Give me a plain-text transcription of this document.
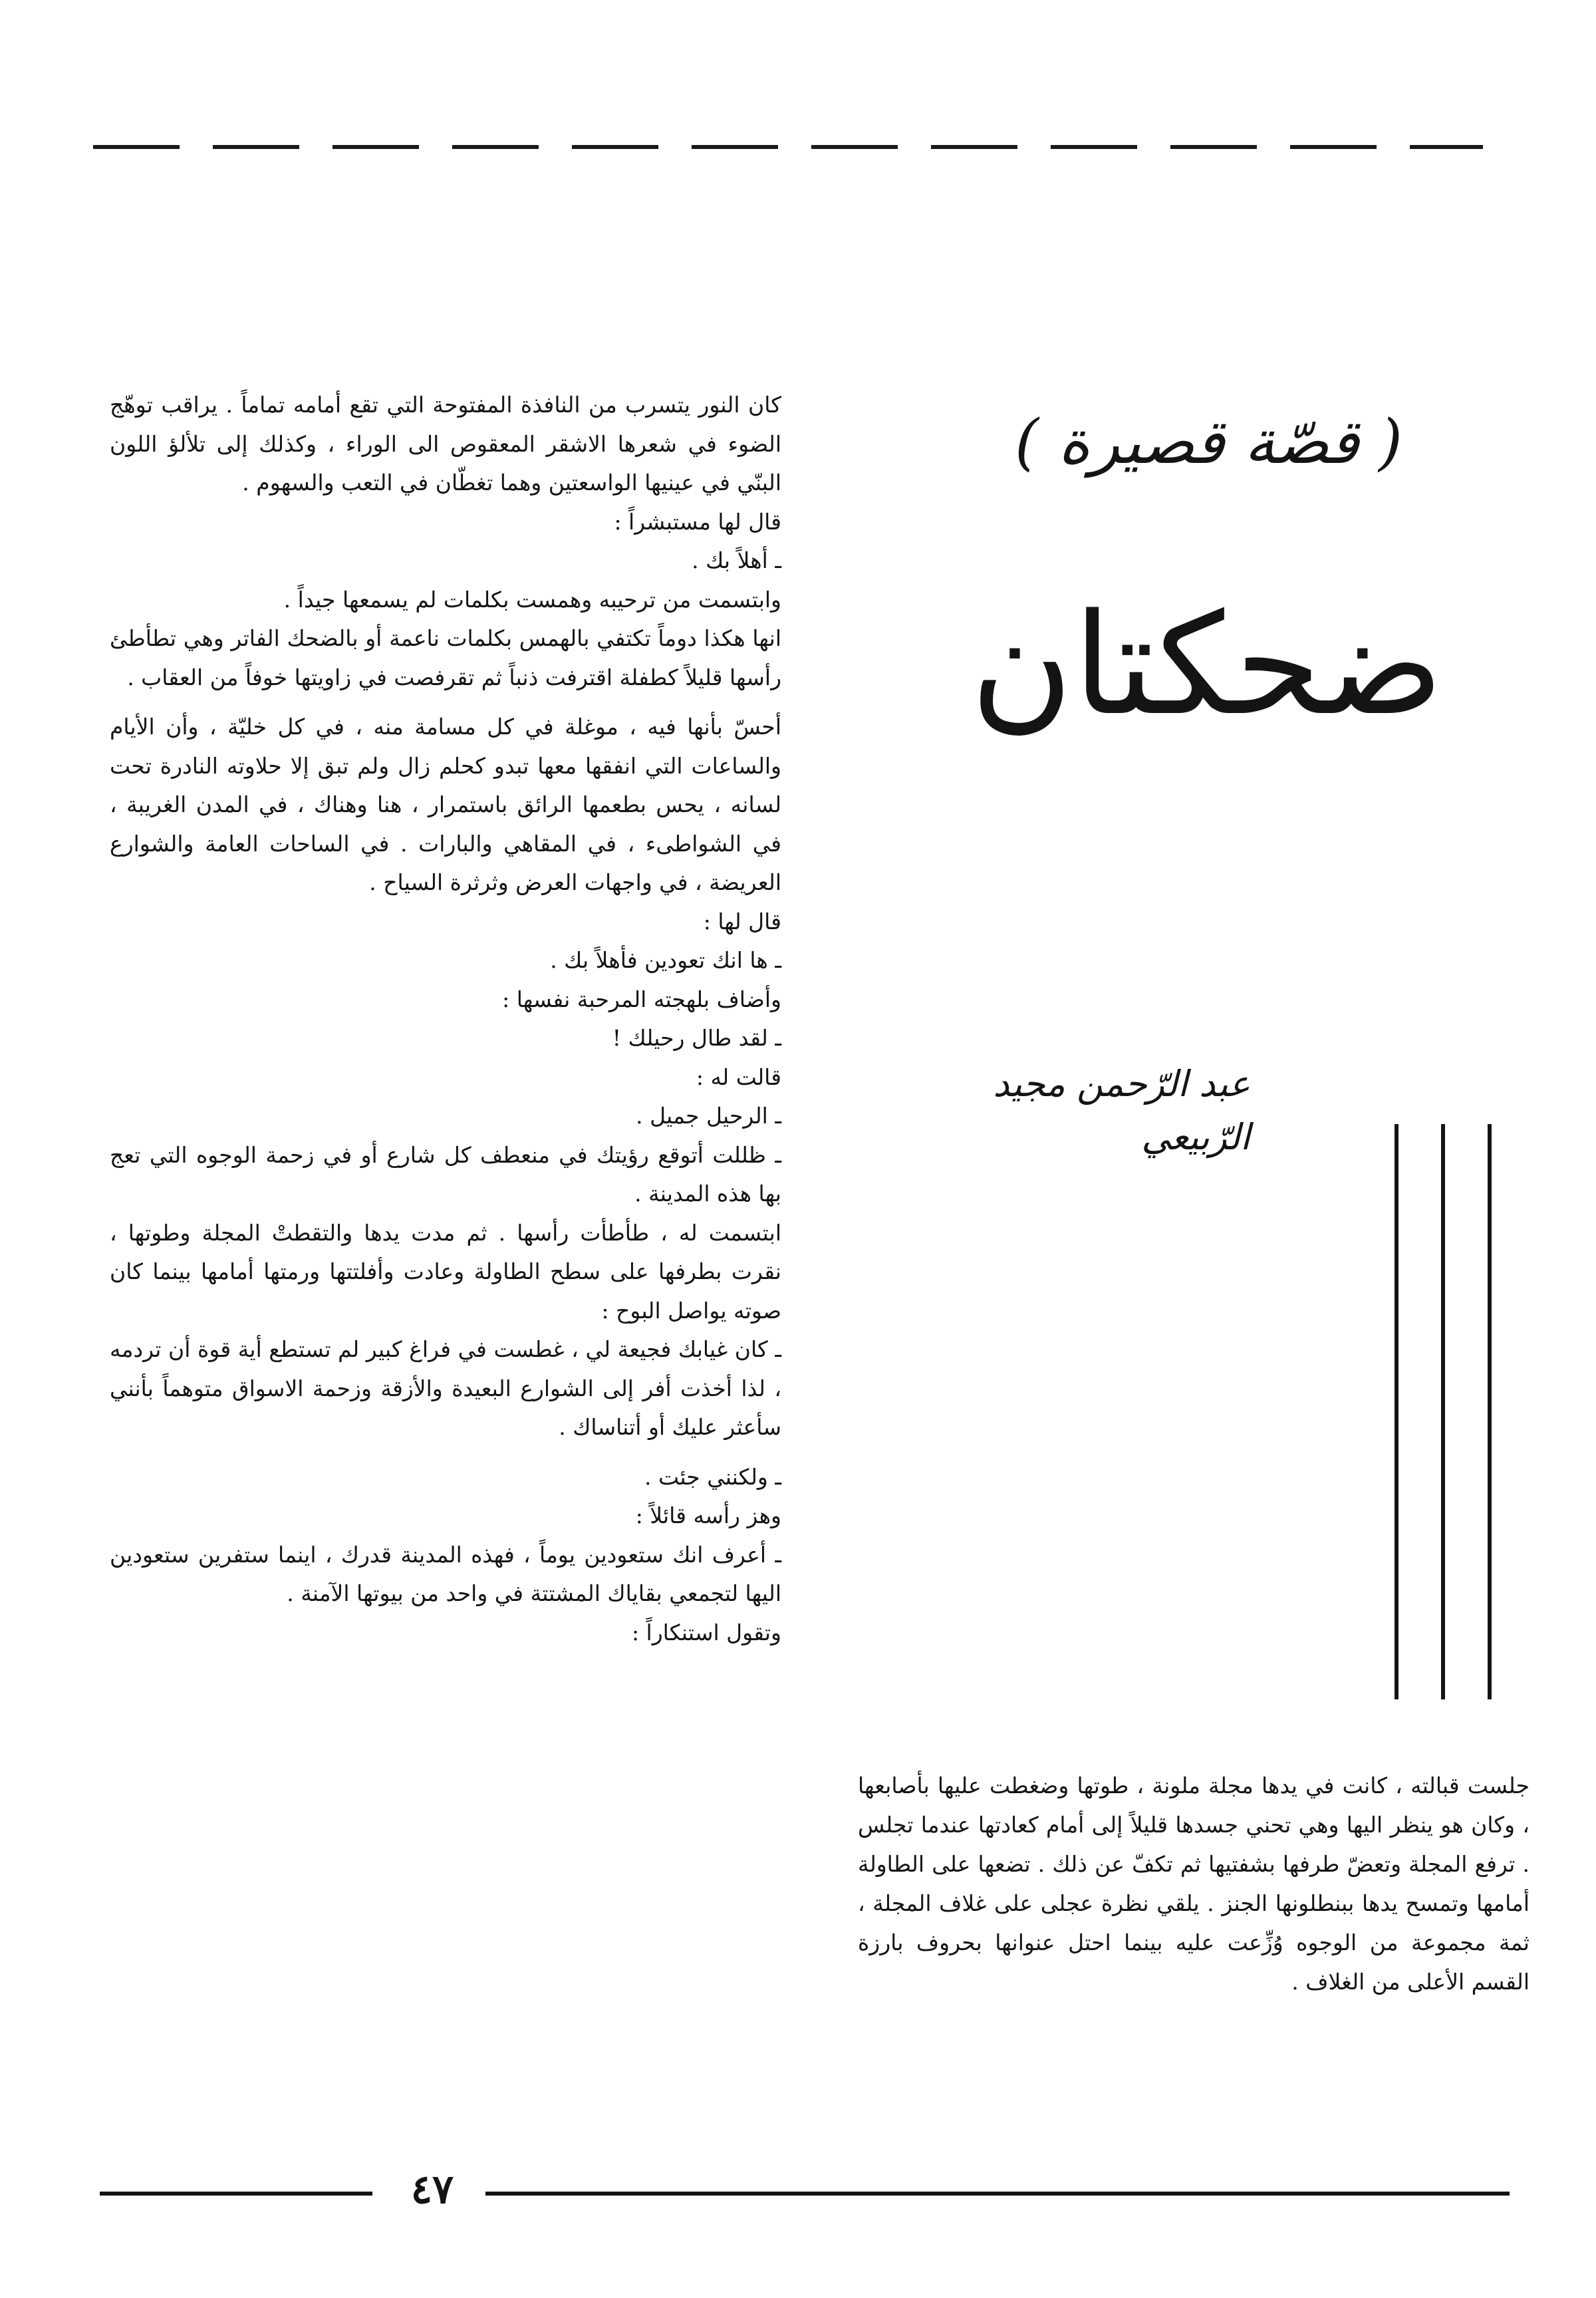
( قصّة قصيرة )
ضحكتان
عبد الرّحمن مجيد الرّبيعي

جلست قبالته ، كانت في يدها مجلة ملونة ، طوتها وضغطت عليها بأصابعها ، وكان هو ينظر اليها وهي تحني جسدها قليلاً إلى أمام كعادتها عندما تجلس . ترفع المجلة وتعضّ طرفها بشفتيها ثم تكفّ عن ذلك . تضعها على الطاولة أمامها وتمسح يدها ببنطلونها الجنز . يلقي نظرة عجلى على غلاف المجلة ، ثمة مجموعة من الوجوه وُزِّعت عليه بينما احتل عنوانها بحروف بارزة القسم الأعلى من الغلاف .

كان النور يتسرب من النافذة المفتوحة التي تقع أمامه تماماً . يراقب توهّج الضوء في شعرها الاشقر المعقوص الى الوراء ، وكذلك إلى تلألؤ اللون البنّي في عينيها الواسعتين وهما تغطّان في التعب والسهوم .

قال لها مستبشراً :

ـ أهلاً بك .

وابتسمت من ترحيبه وهمست بكلمات لم يسمعها جيداً .

انها هكذا دوماً تكتفي بالهمس بكلمات ناعمة أو بالضحك الفاتر وهي تطأطئ رأسها قليلاً كطفلة اقترفت ذنباً ثم تقرفصت في زاويتها خوفاً من العقاب .

أحسّ بأنها فيه ، موغلة في كل مسامة منه ، في كل خليّة ، وأن الأيام والساعات التي انفقها معها تبدو كحلم زال ولم تبق إلا حلاوته النادرة تحت لسانه ، يحس بطعمها الرائق باستمرار ، هنا وهناك ، في المدن الغريبة ، في الشواطىء ، في المقاهي والبارات . في الساحات العامة والشوارع العريضة ، في واجهات العرض وثرثرة السياح .

قال لها :

ـ ها انك تعودين فأهلاً بك .

وأضاف بلهجته المرحبة نفسها :

ـ لقد طال رحيلك !

قالت له :

ـ الرحيل جميل .

ـ ظللت أتوقع رؤيتك في منعطف كل شارع أو في زحمة الوجوه التي تعج بها هذه المدينة .

ابتسمت له ، طأطأت رأسها . ثم مدت يدها والتقطتْ المجلة وطوتها ، نقرت بطرفها على سطح الطاولة وعادت وأفلتتها ورمتها أمامها بينما كان صوته يواصل البوح :

ـ كان غيابك فجيعة لي ، غطست في فراغ كبير لم تستطع أية قوة أن تردمه ، لذا أخذت أفر إلى الشوارع البعيدة والأزقة وزحمة الاسواق متوهماً بأنني سأعثر عليك أو أتناساك .

ـ ولكنني جئت .

وهز رأسه قائلاً :

ـ أعرف انك ستعودين يوماً ، فهذه المدينة قدرك ، اينما ستفرين ستعودين اليها لتجمعي بقاياك المشتتة في واحد من بيوتها الآمنة .

وتقول استنكاراً :

٤٧
